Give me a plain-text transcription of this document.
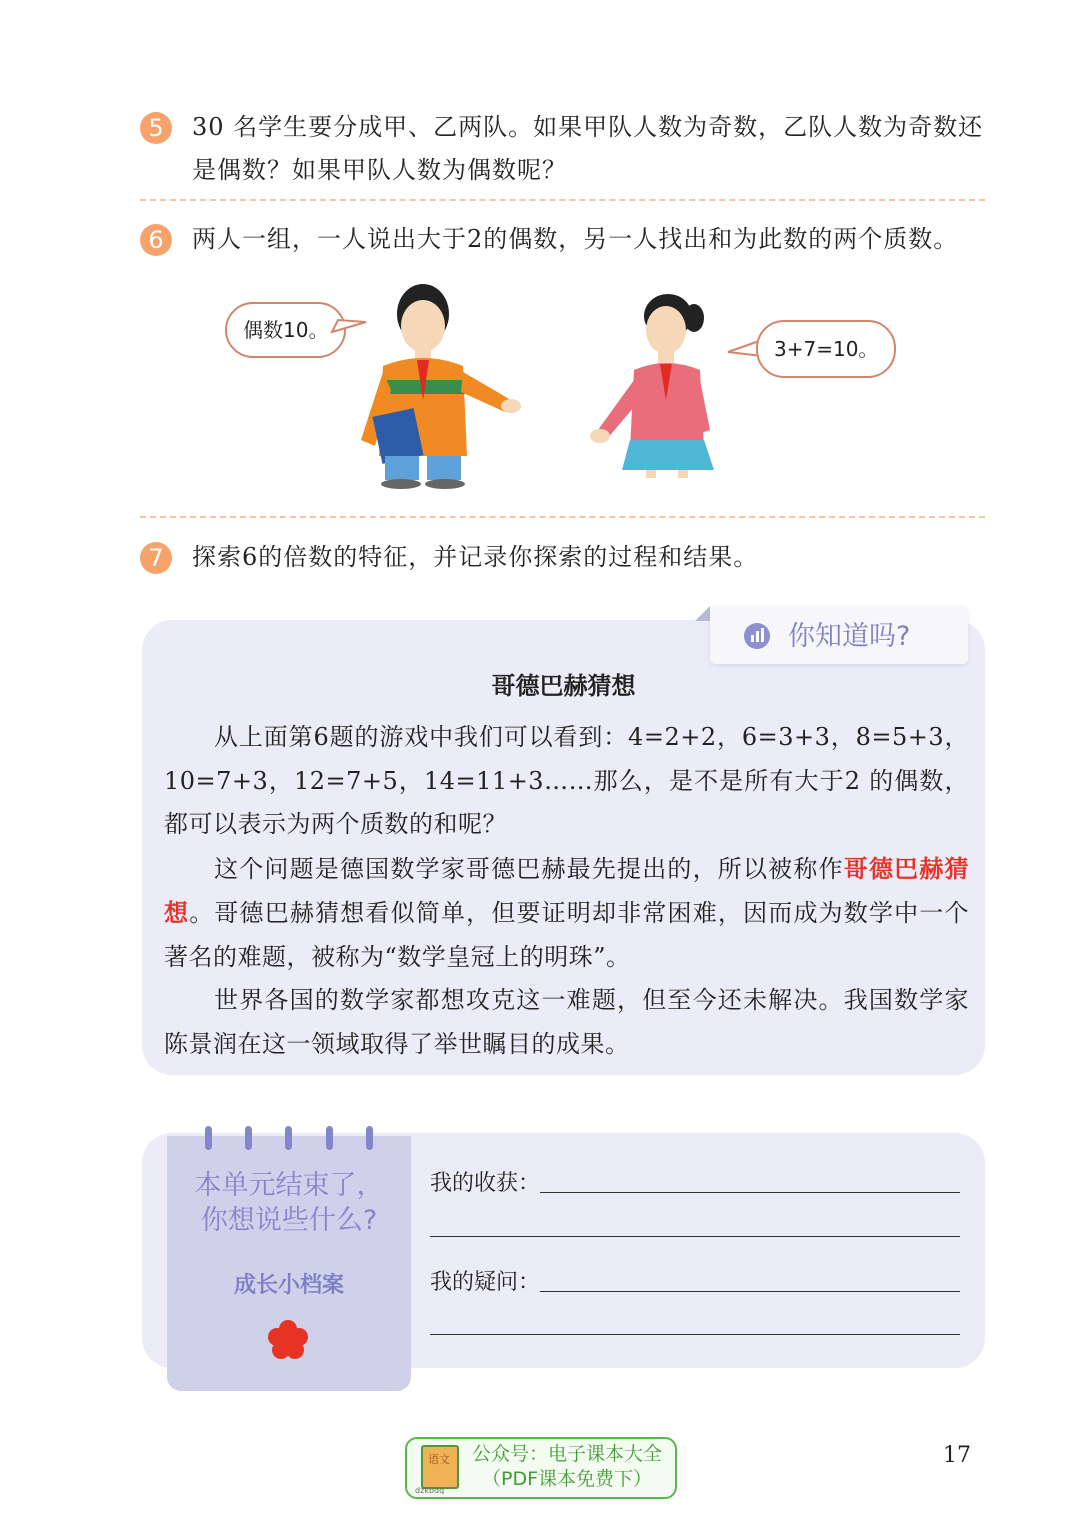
5	30 名学生要分成甲、乙两队。如果甲队人数为奇数，乙队人数为奇数还是偶数？如果甲队人数为偶数呢？
6	两人一组，一人说出大于2的偶数，另一人找出和为此数的两个质数。
偶数10。
3+7=10。
7	探索6的倍数的特征，并记录你探索的过程和结果。
你知道吗?
哥德巴赫猜想

从上面第6题的游戏中我们可以看到：4=2+2，6=3+3，8=5+3，10=7+3，12=7+5，14=11+3……那么，是不是所有大于2 的偶数，都可以表示为两个质数的和呢？

这个问题是德国数学家哥德巴赫最先提出的，所以被称作哥德巴赫猜想。哥德巴赫猜想看似简单，但要证明却非常困难，因而成为数学中一个著名的难题，被称为“数学皇冠上的明珠”。

世界各国的数学家都想攻克这一难题，但至今还未解决。我国数学家陈景润在这一领域取得了举世瞩目的成果。

本单元结束了，
你想说些什么?
成长小档案
我的收获：
我的疑问：
语文
dzkbdq
公众号：电子课本大全
（PDF课本免费下）
17
